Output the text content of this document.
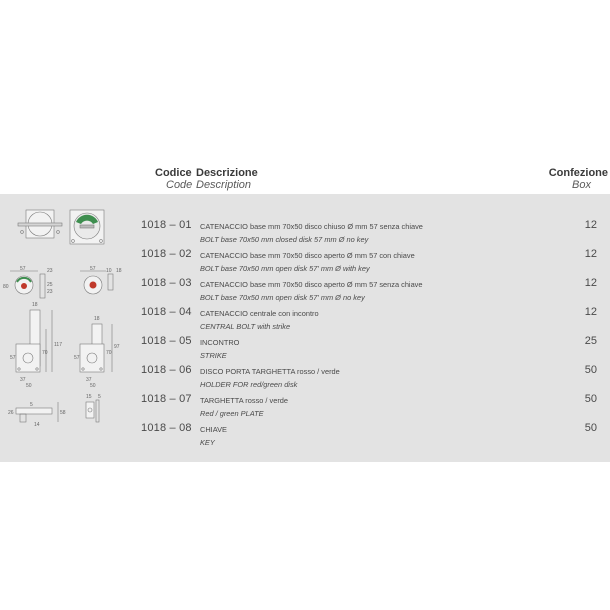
Codice
Code
Descrizione
Description
Confezione
Box
1018 – 01	CATENACCIO base mm 70x50 disco chiuso Ø mm 57 senza chiave
BOLT base 70x50 mm closed disk 57 mm Ø no key
12
1018 – 02	CATENACCIO base mm 70x50 disco aperto Ø mm 57 con chiave
BOLT base 70x50 mm open disk 57' mm Ø with key
12
1018 – 03	CATENACCIO base mm 70x50 disco aperto Ø mm 57 senza chiave
BOLT base 70x50 mm open disk 57' mm Ø no key
12
1018 – 04	CATENACCIO centrale con incontro
CENTRAL BOLT with strike
12
1018 – 05	INCONTRO
STRIKE
25
1018 – 06	DISCO PORTA TARGHETTA rosso / verde
HOLDER FOR red/green disk
50
1018 – 07	TARGHETTA rosso / verde
Red / green PLATE
50
1018 – 08	CHIAVE
KEY
50
57	23
80	25
23
57 10 18
18
70
117
57
37
50
18
70
97
57
37
50
26
5
14
58
15 5
